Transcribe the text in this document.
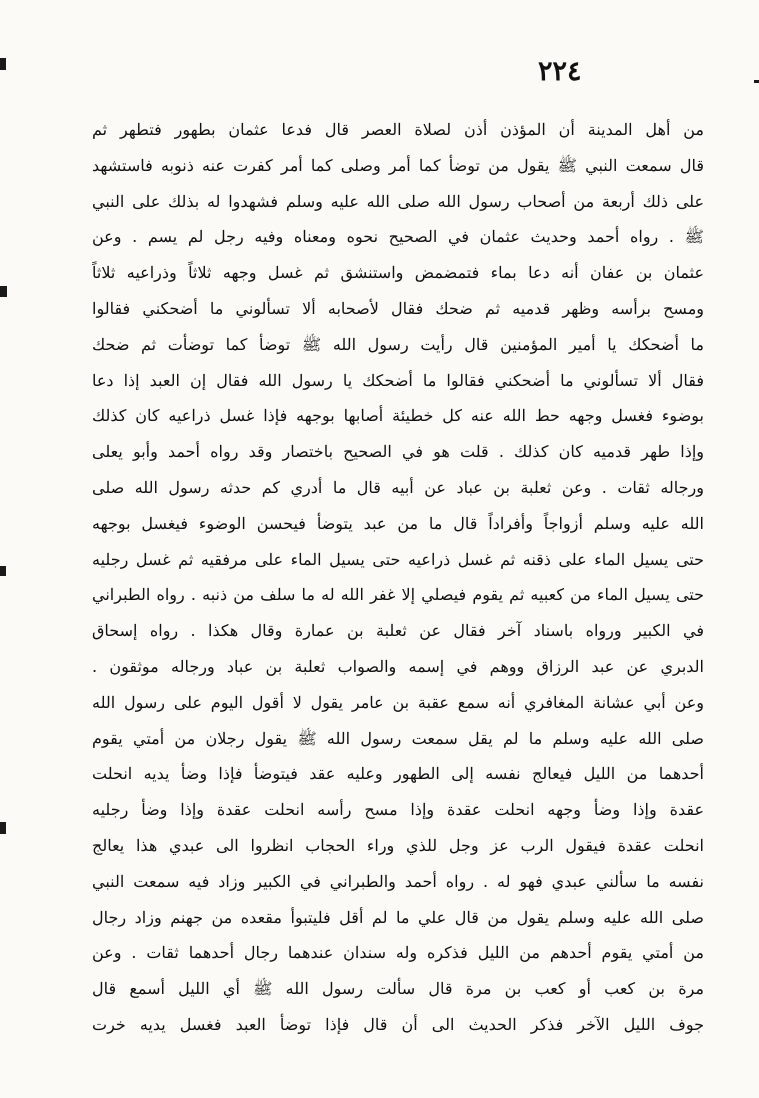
٢٢٤
من أهل المدينة أن المؤذن أذن لصلاة العصر قال فدعا عثمان بطهور فتطهر ثم
قال سمعت النبي ﷺ يقول من توضأ كما أمر وصلى كما أمر كفرت عنه ذنوبه فاستشهد
على ذلك أربعة من أصحاب رسول الله صلى الله عليه وسلم فشهدوا له بذلك على النبي
ﷺ . رواه أحمد وحديث عثمان في الصحيح نحوه ومعناه وفيه رجل لم يسم . وعن
عثمان بن عفان أنه دعا بماء فتمضمض واستنشق ثم غسل وجهه ثلاثاً وذراعيه ثلاثاً
ومسح برأسه وظهر قدميه ثم ضحك فقال لأصحابه ألا تسألوني ما أضحكني فقالوا
ما أضحكك يا أمير المؤمنين قال رأيت رسول الله ﷺ توضأ كما توضأت ثم ضحك
فقال ألا تسألوني ما أضحكني فقالوا ما أضحكك يا رسول الله فقال إن العبد إذا دعا
بوضوء فغسل وجهه حط الله عنه كل خطيئة أصابها بوجهه فإذا غسل ذراعيه كان كذلك
وإذا طهر قدميه كان كذلك . قلت هو في الصحيح باختصار وقد رواه أحمد وأبو يعلى
ورجاله ثقات . وعن ثعلبة بن عباد عن أبيه قال ما أدري كم حدثه رسول الله صلى
الله عليه وسلم أزواجاً وأفراداً قال ما من عبد يتوضأ فيحسن الوضوء فيغسل بوجهه
حتى يسيل الماء على ذقنه ثم غسل ذراعيه حتى يسيل الماء على مرفقيه ثم غسل رجليه
حتى يسيل الماء من كعبيه ثم يقوم فيصلي إلا غفر الله له ما سلف من ذنبه . رواه الطبراني
في الكبير ورواه باسناد آخر فقال عن ثعلبة بن عمارة وقال هكذا . رواه إسحاق
الدبري عن عبد الرزاق ووهم في إسمه والصواب ثعلبة بن عباد ورجاله موثقون .
وعن أبي عشانة المغافري أنه سمع عقبة بن عامر يقول لا أقول اليوم على رسول الله
صلى الله عليه وسلم ما لم يقل سمعت رسول الله ﷺ يقول رجلان من أمتي يقوم
أحدهما من الليل فيعالج نفسه إلى الطهور وعليه عقد فيتوضأ فإذا وضأ يديه انحلت
عقدة وإذا وضأ وجهه انحلت عقدة وإذا مسح رأسه انحلت عقدة وإذا وضأ رجليه
انحلت عقدة فيقول الرب عز وجل للذي وراء الحجاب انظروا الى عبدي هذا يعالج
نفسه ما سألني عبدي فهو له . رواه أحمد والطبراني في الكبير وزاد فيه سمعت النبي
صلى الله عليه وسلم يقول من قال علي ما لم أقل فليتبوأ مقعده من جهنم وزاد رجال
من أمتي يقوم أحدهم من الليل فذكره وله سندان عندهما رجال أحدهما ثقات . وعن
مرة بن كعب أو كعب بن مرة قال سألت رسول الله ﷺ أي الليل أسمع قال
جوف الليل الآخر فذكر الحديث الى أن قال فإذا توضأ العبد فغسل يديه خرت
